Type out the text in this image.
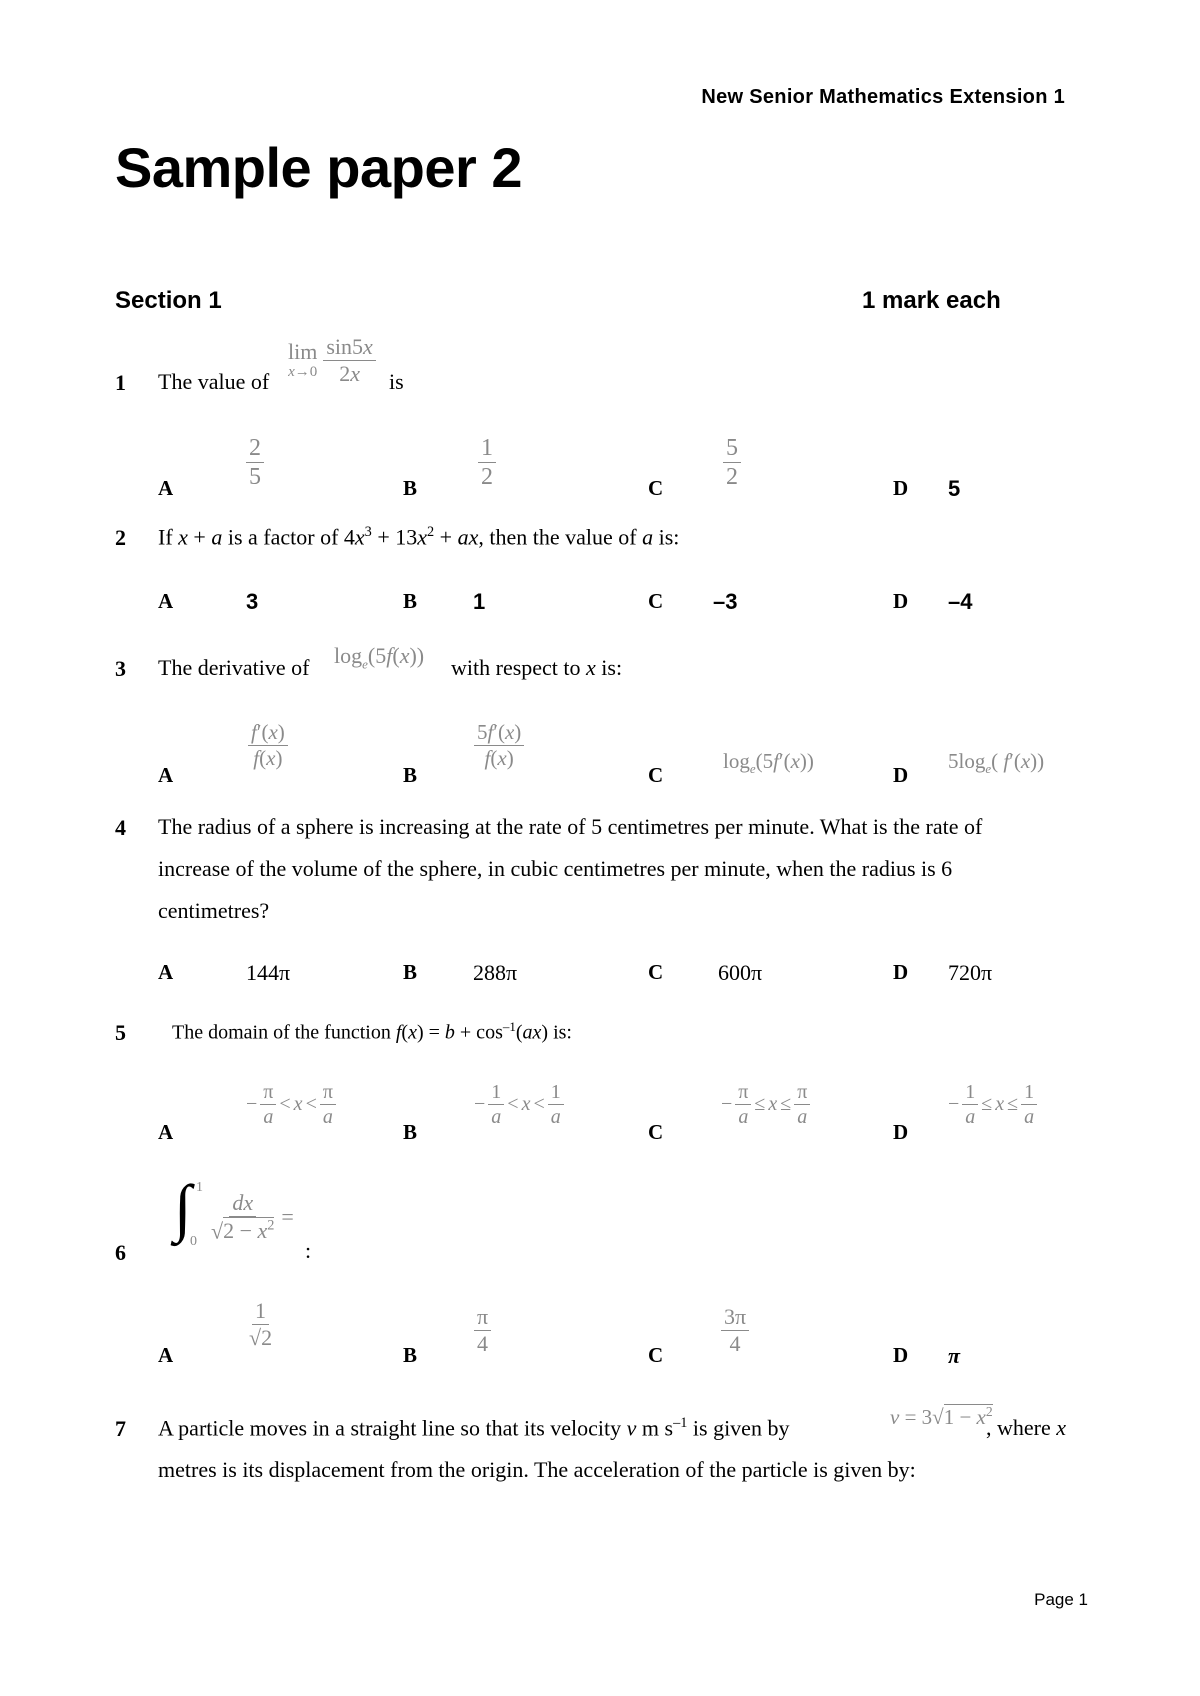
New Senior Mathematics Extension 1
Sample paper 2
Section 1	1 mark each
1 The value of
lim
$x\to 0 \frac{\sin 5x}{2x}$ is
A	$\frac{2}{5}$	B	$\frac{1}{2}$	C $\frac{5}{2}$	D 5
2 If x + a is a factor of $4x^3 + 13x^2$ + ax, then the value of a is:
A	3	B	1	C –3	D –4
3 The derivative of $\log_e(5f(x))$ with respect to x is:
A
$\frac{f'(x)}{f(x)}$
B
$\frac{5f'(x)}{f(x)}$
C
$\log_e(5f'(x))$
D
$5\log_e$( f′(x))
4 The radius of a sphere is increasing at the rate of 5 centimetres per minute. What is the rate of
increase of the volume of the sphere, in cubic centimetres per minute, when the radius is 6
centimetres?
A	144π	B	288π	C 600π	D 720π
5 The domain of the function $f(x) = b + \cos^{-1}(ax)$ is:
A
− $\frac{\pi}{a} < x < \frac{\pi}{a}$
B
− $\frac{1}{a} < x < \frac{1}{a}$
C
− $\frac{\pi}{a} \le x \le \frac{\pi}{a}$
D
− $\frac{1}{a} \le x \le \frac{1}{a}$
6
∫ 1
$0 \frac{dx}{√2 - x^2}$ =
:
A
$\frac{1}{√2}$
B	$\frac{\pi}{4}$	C	$\frac{3\pi}{4}$	D π
7 A particle moves in a straight line so that its velocity v m $s^{-1}$ is given by	$v = 3√1 - x^2$
, where x
metres is its displacement from the origin. The acceleration of the particle is given by:
Page 1
